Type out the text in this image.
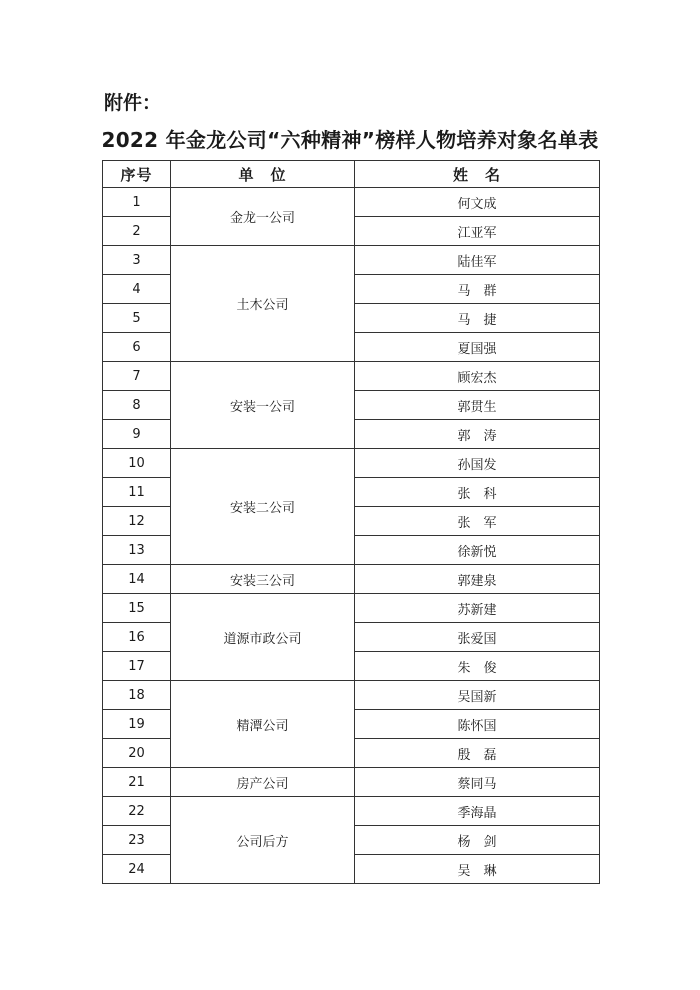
附件：

2022 年金龙公司“六种精神”榜样人物培养对象名单表
序号	单　位	姓　名
1	金龙一公司	何文成
2		江亚军
3	土木公司	陆佳军
4		马　群
5		马　捷
6		夏国强
7	安装一公司	顾宏杰
8		郭贯生
9		郭　涛
10	安装二公司	孙国发
11		张　科
12		张　军
13		徐新悦
14	安装三公司	郭建泉
15	道源市政公司	苏新建
16		张爱国
17		朱　俊
18	精潭公司	吴国新
19		陈怀国
20		殷　磊
21	房产公司	蔡同马
22	公司后方	季海晶
23		杨　剑
24		吴　琳
